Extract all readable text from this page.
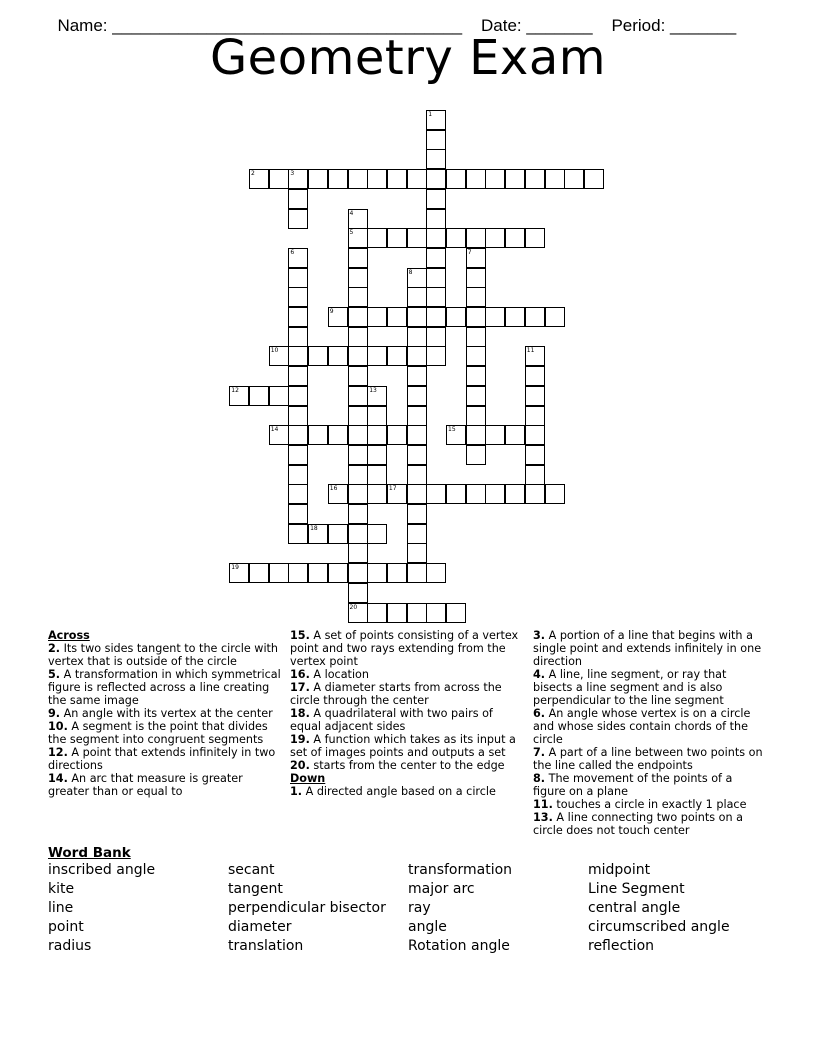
Name: _____________________________________ Date: _______ Period: _______

Geometry Exam
1
2	3
4
5
6	7
8
9
10	11
12	13
14	15
16	17
18
19
20
Across
2. Its two sides tangent to the circle with vertex that is outside of the circle
5. A transformation in which symmetrical figure is reflected across a line creating the same image
9. An angle with its vertex at the center
10. A segment is the point that divides the segment into congruent segments
12. A point that extends infinitely in two directions
14. An arc that measure is greater greater than or equal to
15. A set of points consisting of a vertex point and two rays extending from the vertex point
16. A location
17. A diameter starts from across the circle through the center
18. A quadrilateral with two pairs of equal adjacent sides
19. A function which takes as its input a set of images points and outputs a set
20. starts from the center to the edge
Down
1. A directed angle based on a circle
3. A portion of a line that begins with a single point and extends infinitely in one direction
4. A line, line segment, or ray that bisects a line segment and is also perpendicular to the line segment
6. An angle whose vertex is on a circle and whose sides contain chords of the circle
7. A part of a line between two points on the line called the endpoints
8. The movement of the points of a figure on a plane
11. touches a circle in exactly 1 place
13. A line connecting two points on a circle does not touch center
Word Bank
inscribed angle	secant	transformation	midpoint
kite	tangent	major arc	Line Segment
line	perpendicular bisector	ray	central angle
point	diameter	angle	circumscribed angle
radius	translation	Rotation angle	reflection
